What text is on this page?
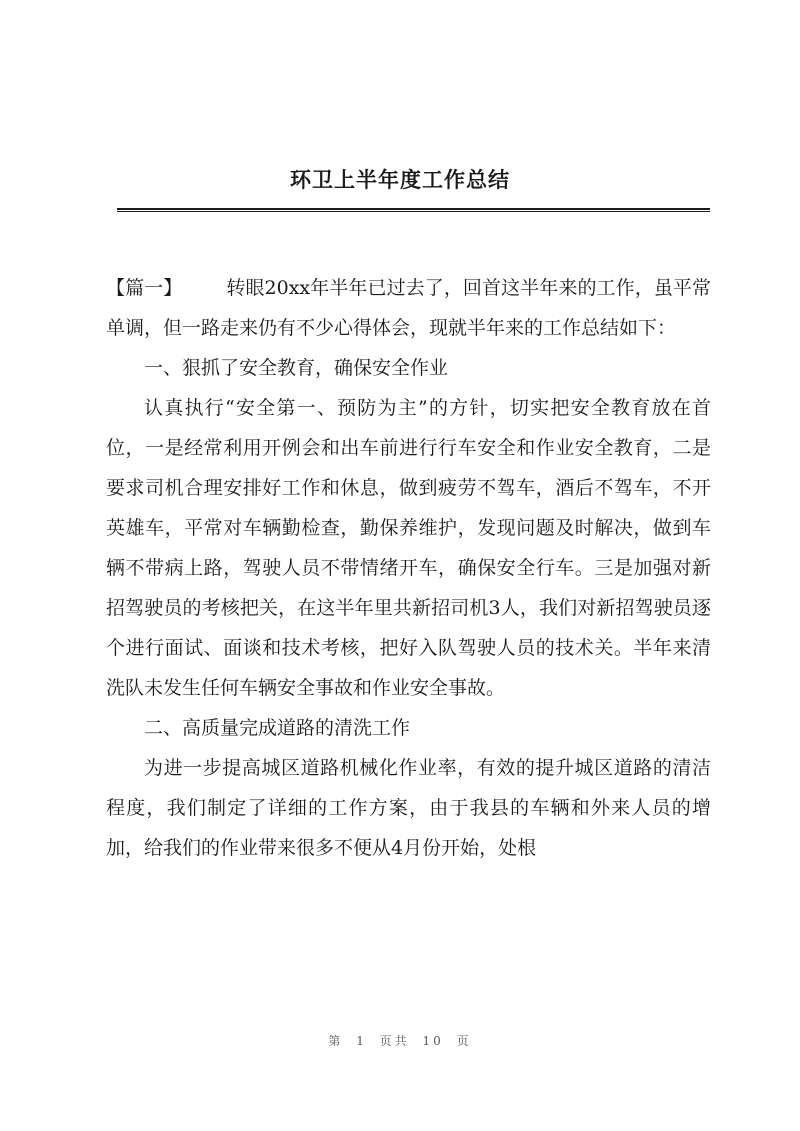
环卫上半年度工作总结

【篇一】 转眼20xx年半年已过去了，回首这半年来的工作，虽平常单调，但一路走来仍有不少心得体会，现就半年来的工作总结如下：

一、狠抓了安全教育，确保安全作业

认真执行“安全第一、预防为主”的方针，切实把安全教育放在首位，一是经常利用开例会和出车前进行行车安全和作业安全教育，二是要求司机合理安排好工作和休息，做到疲劳不驾车，酒后不驾车，不开英雄车，平常对车辆勤检查，勤保养维护，发现问题及时解决，做到车辆不带病上路，驾驶人员不带情绪开车，确保安全行车。三是加强对新招驾驶员的考核把关，在这半年里共新招司机3人，我们对新招驾驶员逐个进行面试、面谈和技术考核，把好入队驾驶人员的技术关。半年来清洗队未发生任何车辆安全事故和作业安全事故。

二、高质量完成道路的清洗工作

为进一步提高城区道路机械化作业率，有效的提升城区道路的清洁程度，我们制定了详细的工作方案，由于我县的车辆和外来人员的增加，给我们的作业带来很多不便从4月份开始，处根

第 1 页共 10 页
